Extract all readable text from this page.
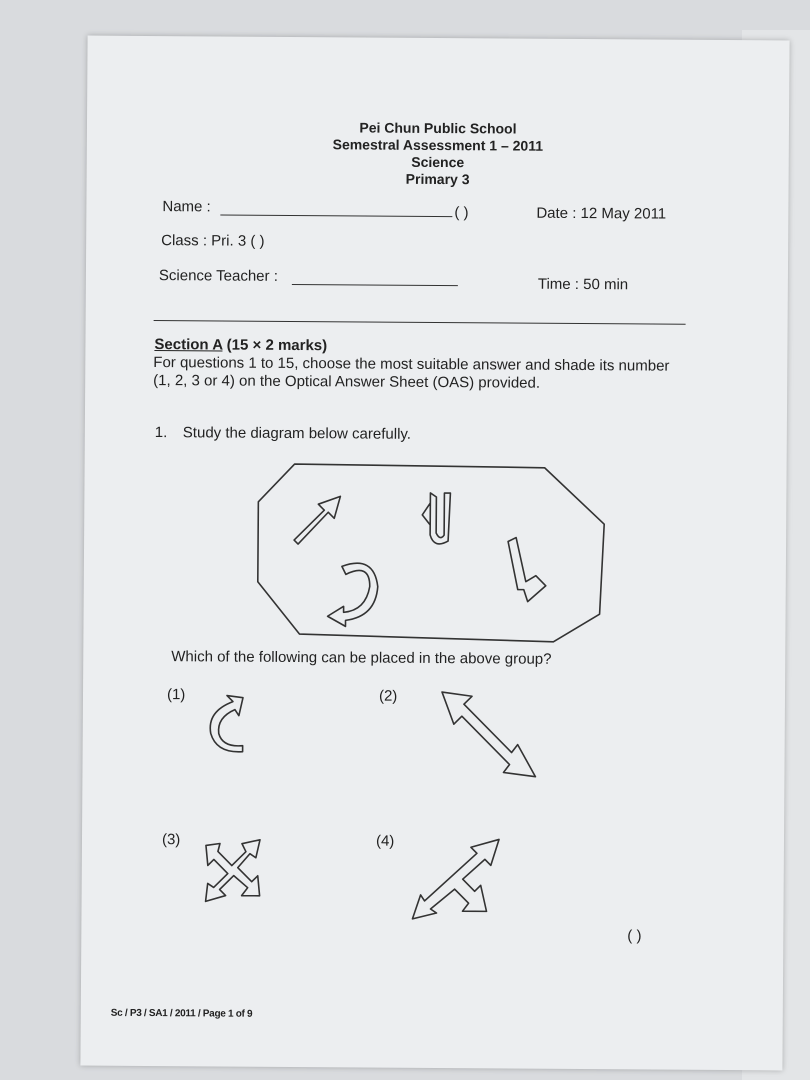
Pei Chun Public School
Semestral Assessment 1 – 2011
Science
Primary 3
Name :	( )	Date : 12 May 2011
Class : Pri. 3 ( )
Science Teacher :	Time : 50 min
Section A (15 × 2 marks)
For questions 1 to 15, choose the most suitable answer and shade its number
(1, 2, 3 or 4) on the Optical Answer Sheet (OAS) provided.
1. Study the diagram below carefully.
Which of the following can be placed in the above group?
(1)	(2)
(3)	(4)
( )
Sc / P3 / SA1 / 2011 / Page 1 of 9
